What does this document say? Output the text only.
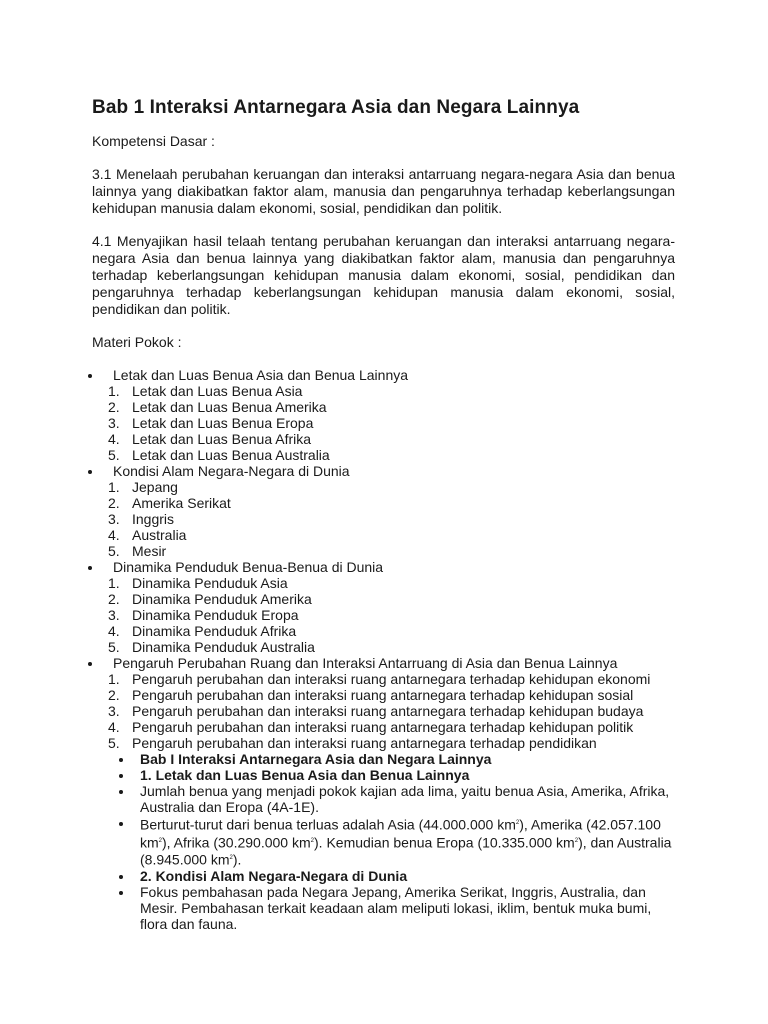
Bab 1 Interaksi Antarnegara Asia dan Negara Lainnya

Kompetensi Dasar :

3.1 Menelaah perubahan keruangan dan interaksi antarruang negara-negara Asia dan benua lainnya yang diakibatkan faktor alam, manusia dan pengaruhnya terhadap keberlangsungan kehidupan manusia dalam ekonomi, sosial, pendidikan dan politik.

4.1 Menyajikan hasil telaah tentang perubahan keruangan dan interaksi antarruang negara-negara Asia dan benua lainnya yang diakibatkan faktor alam, manusia dan pengaruhnya terhadap keberlangsungan kehidupan manusia dalam ekonomi, sosial, pendidikan dan pengaruhnya terhadap keberlangsungan kehidupan manusia dalam ekonomi, sosial, pendidikan dan politik.

Materi Pokok :

Letak dan Luas Benua Asia dan Benua Lainnya
1. Letak dan Luas Benua Asia
2. Letak dan Luas Benua Amerika
3. Letak dan Luas Benua Eropa
4. Letak dan Luas Benua Afrika
5. Letak dan Luas Benua Australia
Kondisi Alam Negara-Negara di Dunia
1. Jepang
2. Amerika Serikat
3. Inggris
4. Australia
5. Mesir
Dinamika Penduduk Benua-Benua di Dunia
1. Dinamika Penduduk Asia
2. Dinamika Penduduk Amerika
3. Dinamika Penduduk Eropa
4. Dinamika Penduduk Afrika
5. Dinamika Penduduk Australia
Pengaruh Perubahan Ruang dan Interaksi Antarruang di Asia dan Benua Lainnya
1. Pengaruh perubahan dan interaksi ruang antarnegara terhadap kehidupan ekonomi
2. Pengaruh perubahan dan interaksi ruang antarnegara terhadap kehidupan sosial
3. Pengaruh perubahan dan interaksi ruang antarnegara terhadap kehidupan budaya
4. Pengaruh perubahan dan interaksi ruang antarnegara terhadap kehidupan politik
5. Pengaruh perubahan dan interaksi ruang antarnegara terhadap pendidikan
Bab I Interaksi Antarnegara Asia dan Negara Lainnya
1. Letak dan Luas Benua Asia dan Benua Lainnya
Jumlah benua yang menjadi pokok kajian ada lima, yaitu benua Asia, Amerika, Afrika, Australia dan Eropa (4A-1E).
Berturut-turut dari benua terluas adalah Asia (44.000.000 $km^2$), Amerika (42.057.100 $km^2$), Afrika (30.290.000 $km^2$). Kemudian benua Eropa (10.335.000 $km^2$), dan Australia (8.945.000 $km^2$).
2. Kondisi Alam Negara-Negara di Dunia
Fokus pembahasan pada Negara Jepang, Amerika Serikat, Inggris, Australia, dan Mesir. Pembahasan terkait keadaan alam meliputi lokasi, iklim, bentuk muka bumi, flora dan fauna.
